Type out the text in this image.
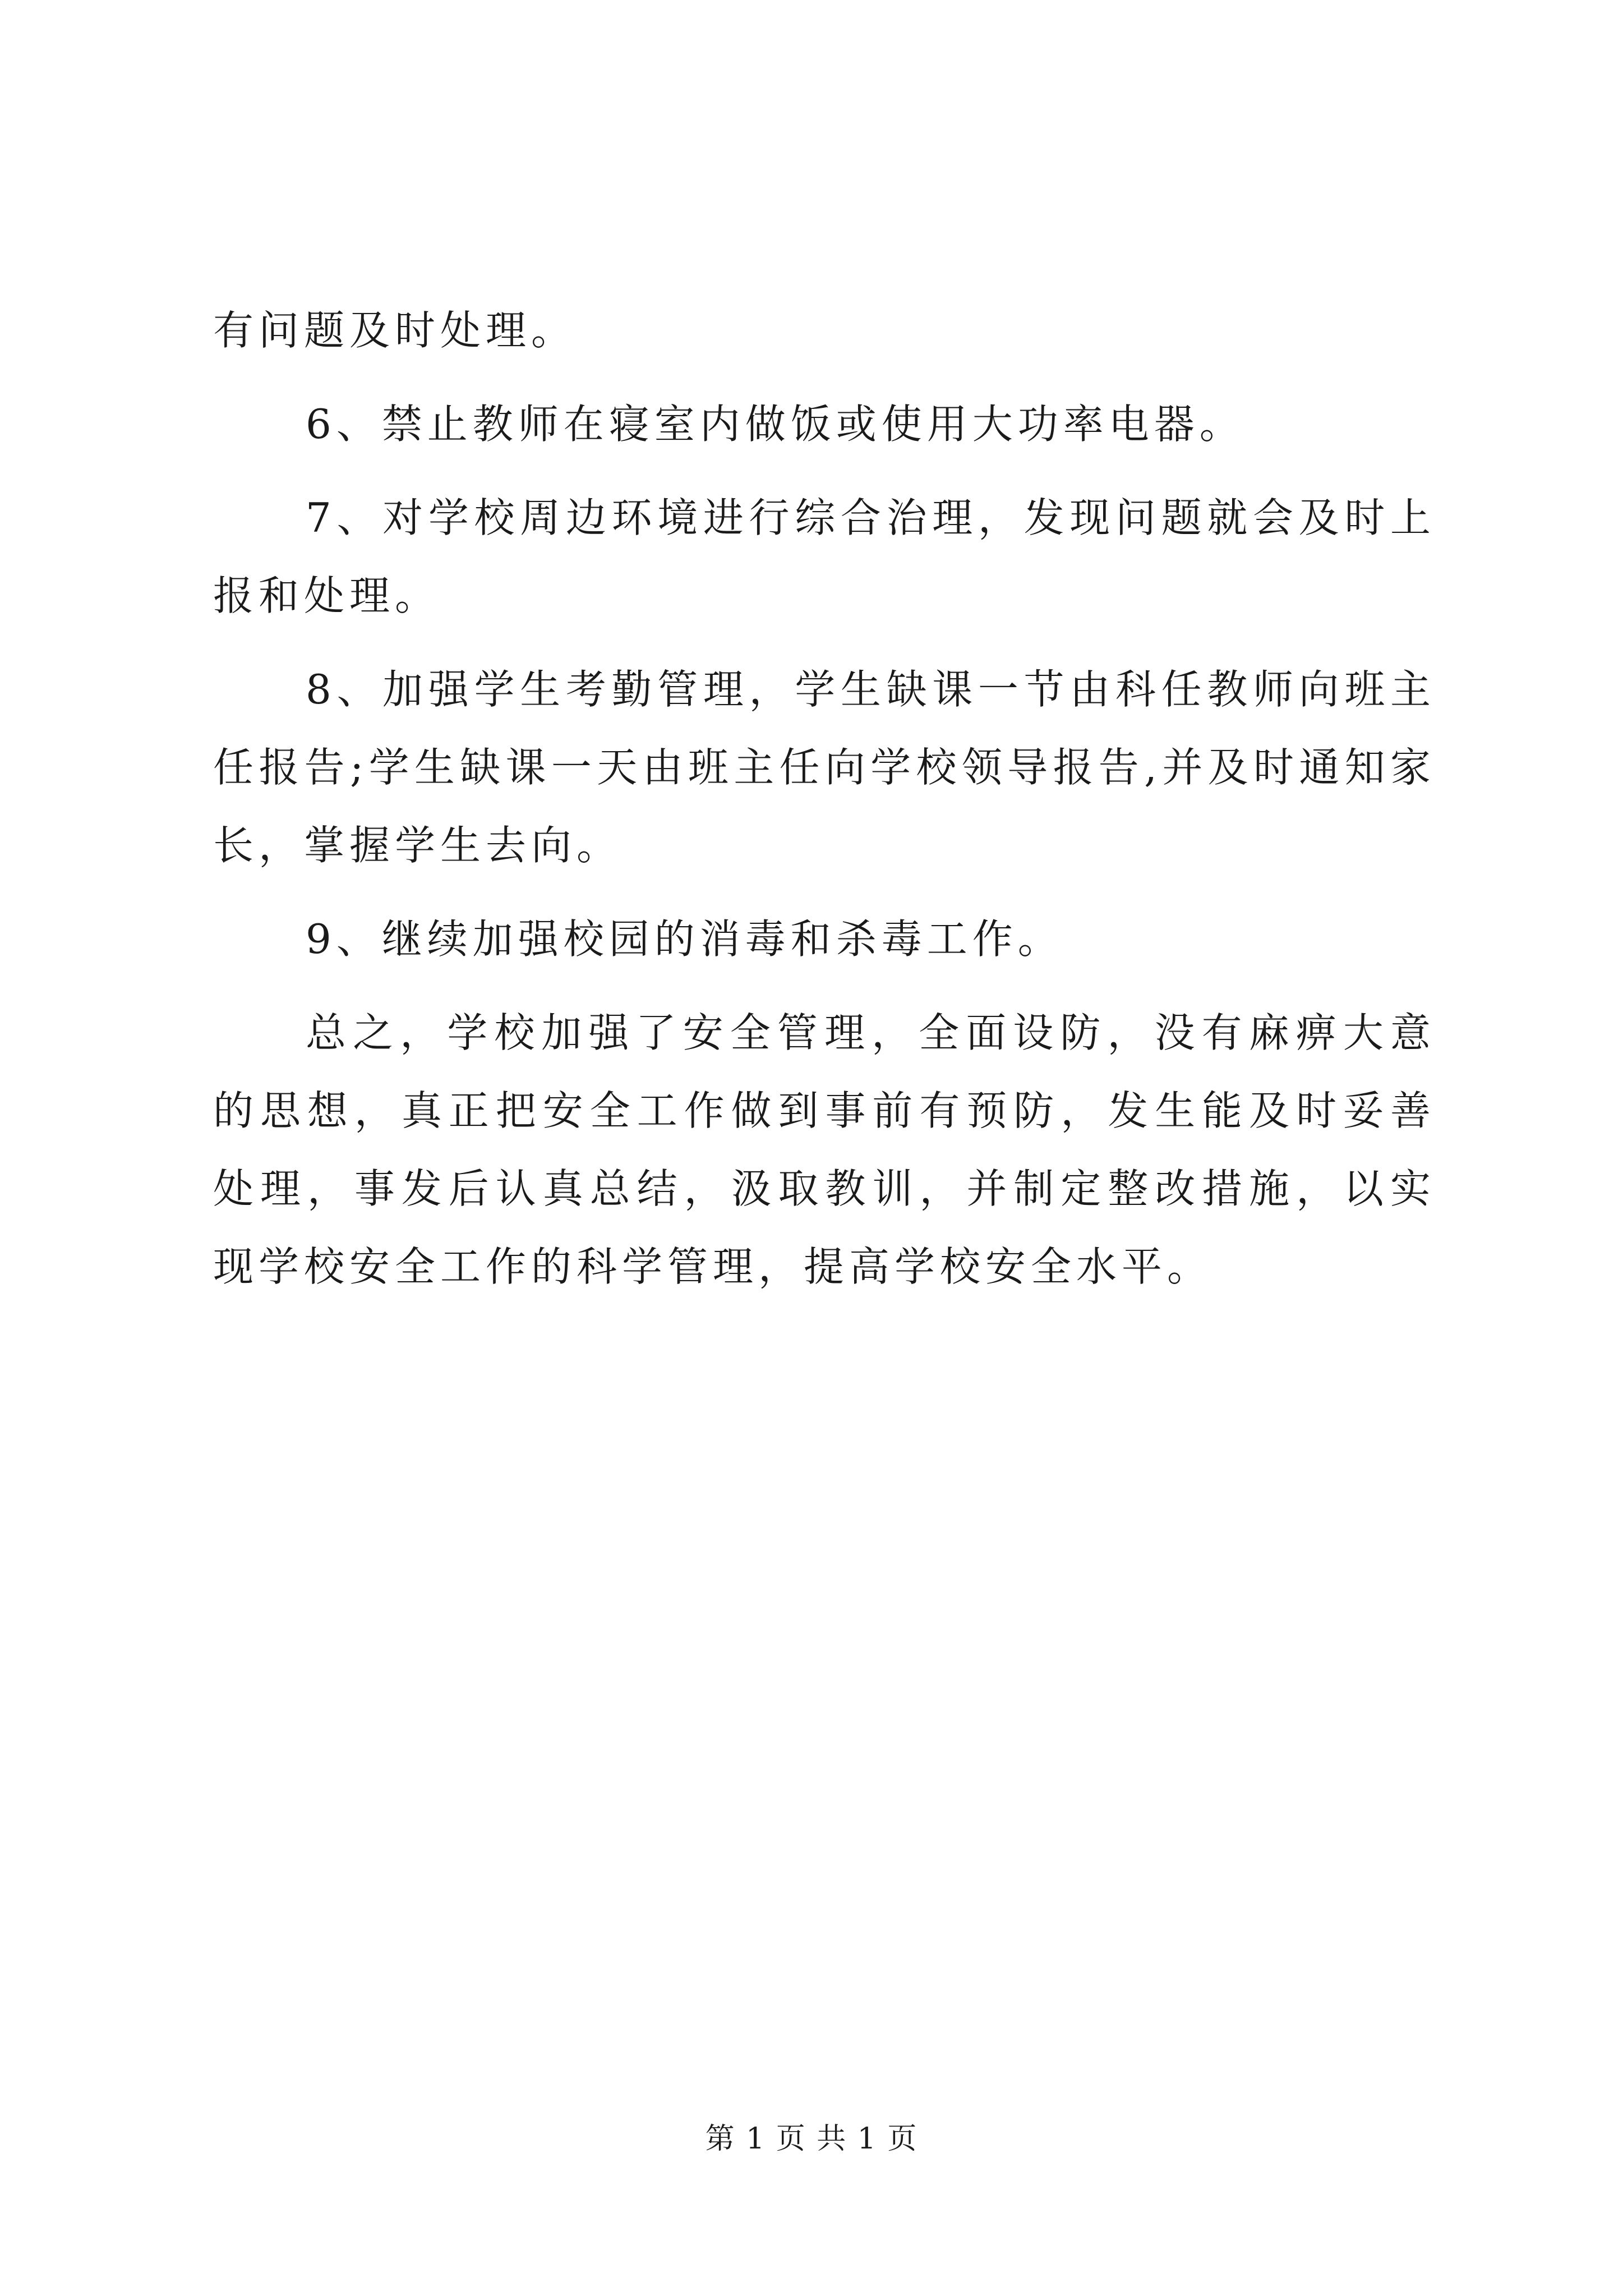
有问题及时处理。

6、禁止教师在寝室内做饭或使用大功率电器。

7、对学校周边环境进行综合治理，发现问题就会及时上报和处理。

8、加强学生考勤管理，学生缺课一节由科任教师向班主任报告;学生缺课一天由班主任向学校领导报告,并及时通知家长，掌握学生去向。

9、继续加强校园的消毒和杀毒工作。

总之，学校加强了安全管理，全面设防，没有麻痹大意的思想，真正把安全工作做到事前有预防，发生能及时妥善处理，事发后认真总结，汲取教训，并制定整改措施，以实现学校安全工作的科学管理，提高学校安全水平。

第 1 页 共 1 页
